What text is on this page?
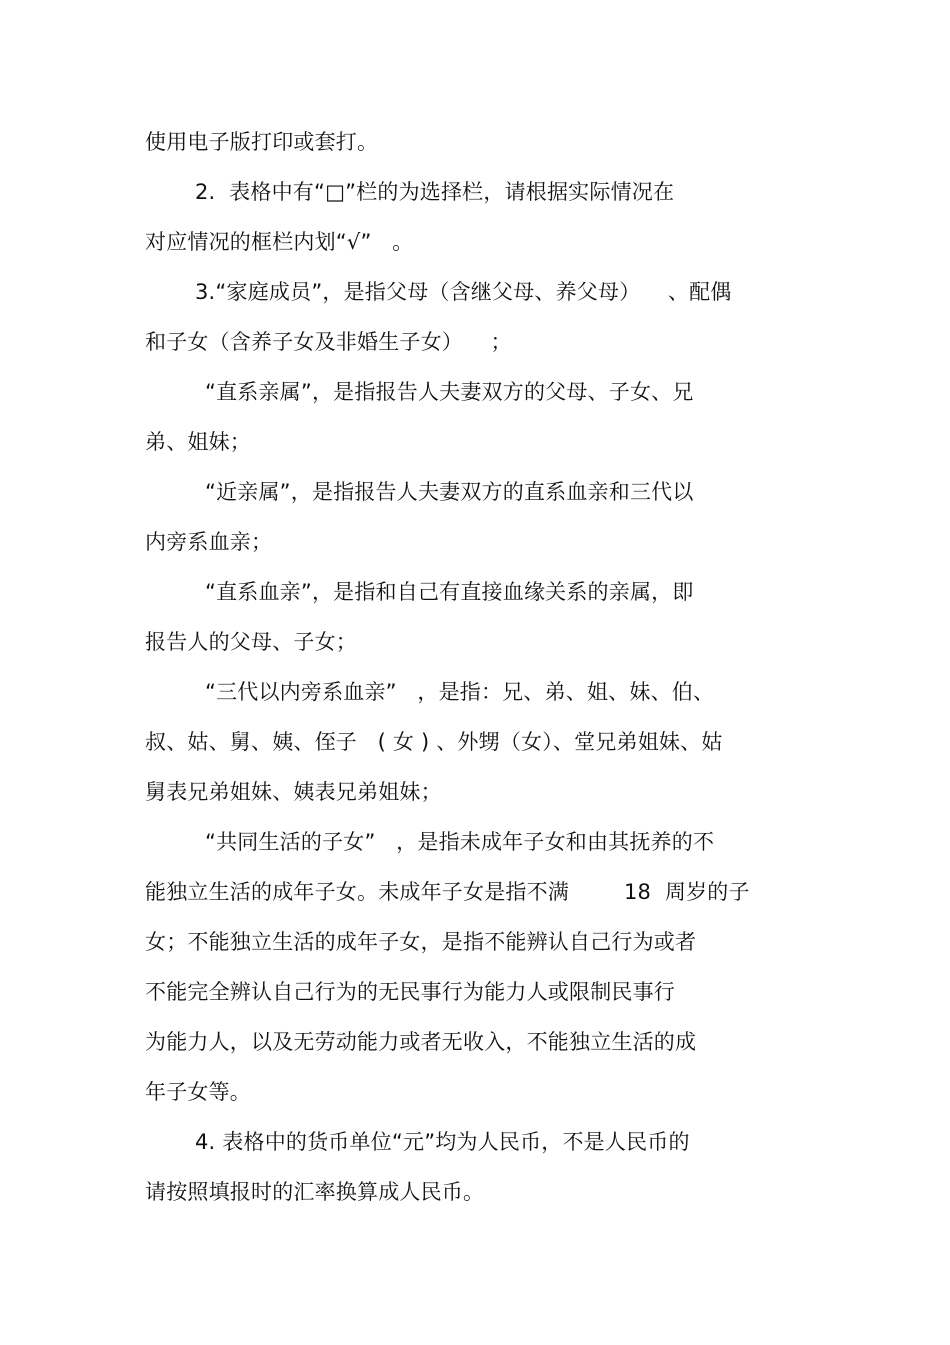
使用电子版打印或套打。
2.  表格中有“□”栏的为选择栏，请根据实际情况在
对应情况的框栏内划“√”   。
3.“家庭成员”，是指父母（含继父母、养父母）    、配偶
和子女（含养子女及非婚生子女）    ；
“直系亲属”，是指报告人夫妻双方的父母、子女、兄
弟、姐妹；
“近亲属”，是指报告人夫妻双方的直系血亲和三代以
内旁系血亲；
“直系血亲”，是指和自己有直接血缘关系的亲属，即
报告人的父母、子女；
“三代以内旁系血亲”   ，是指：兄、弟、姐、妹、伯、
叔、姑、舅、姨、侄子   ( 女 ) 、外甥（女）、堂兄弟姐妹、姑
舅表兄弟姐妹、姨表兄弟姐妹；
“共同生活的子女”   ，是指未成年子女和由其抚养的不
能独立生活的成年子女。未成年子女是指不满        18  周岁的子
女；不能独立生活的成年子女，是指不能辨认自己行为或者
不能完全辨认自己行为的无民事行为能力人或限制民事行
为能力人，以及无劳动能力或者无收入，不能独立生活的成
年子女等。
4. 表格中的货币单位“元”均为人民币，不是人民币的
请按照填报时的汇率换算成人民币。
